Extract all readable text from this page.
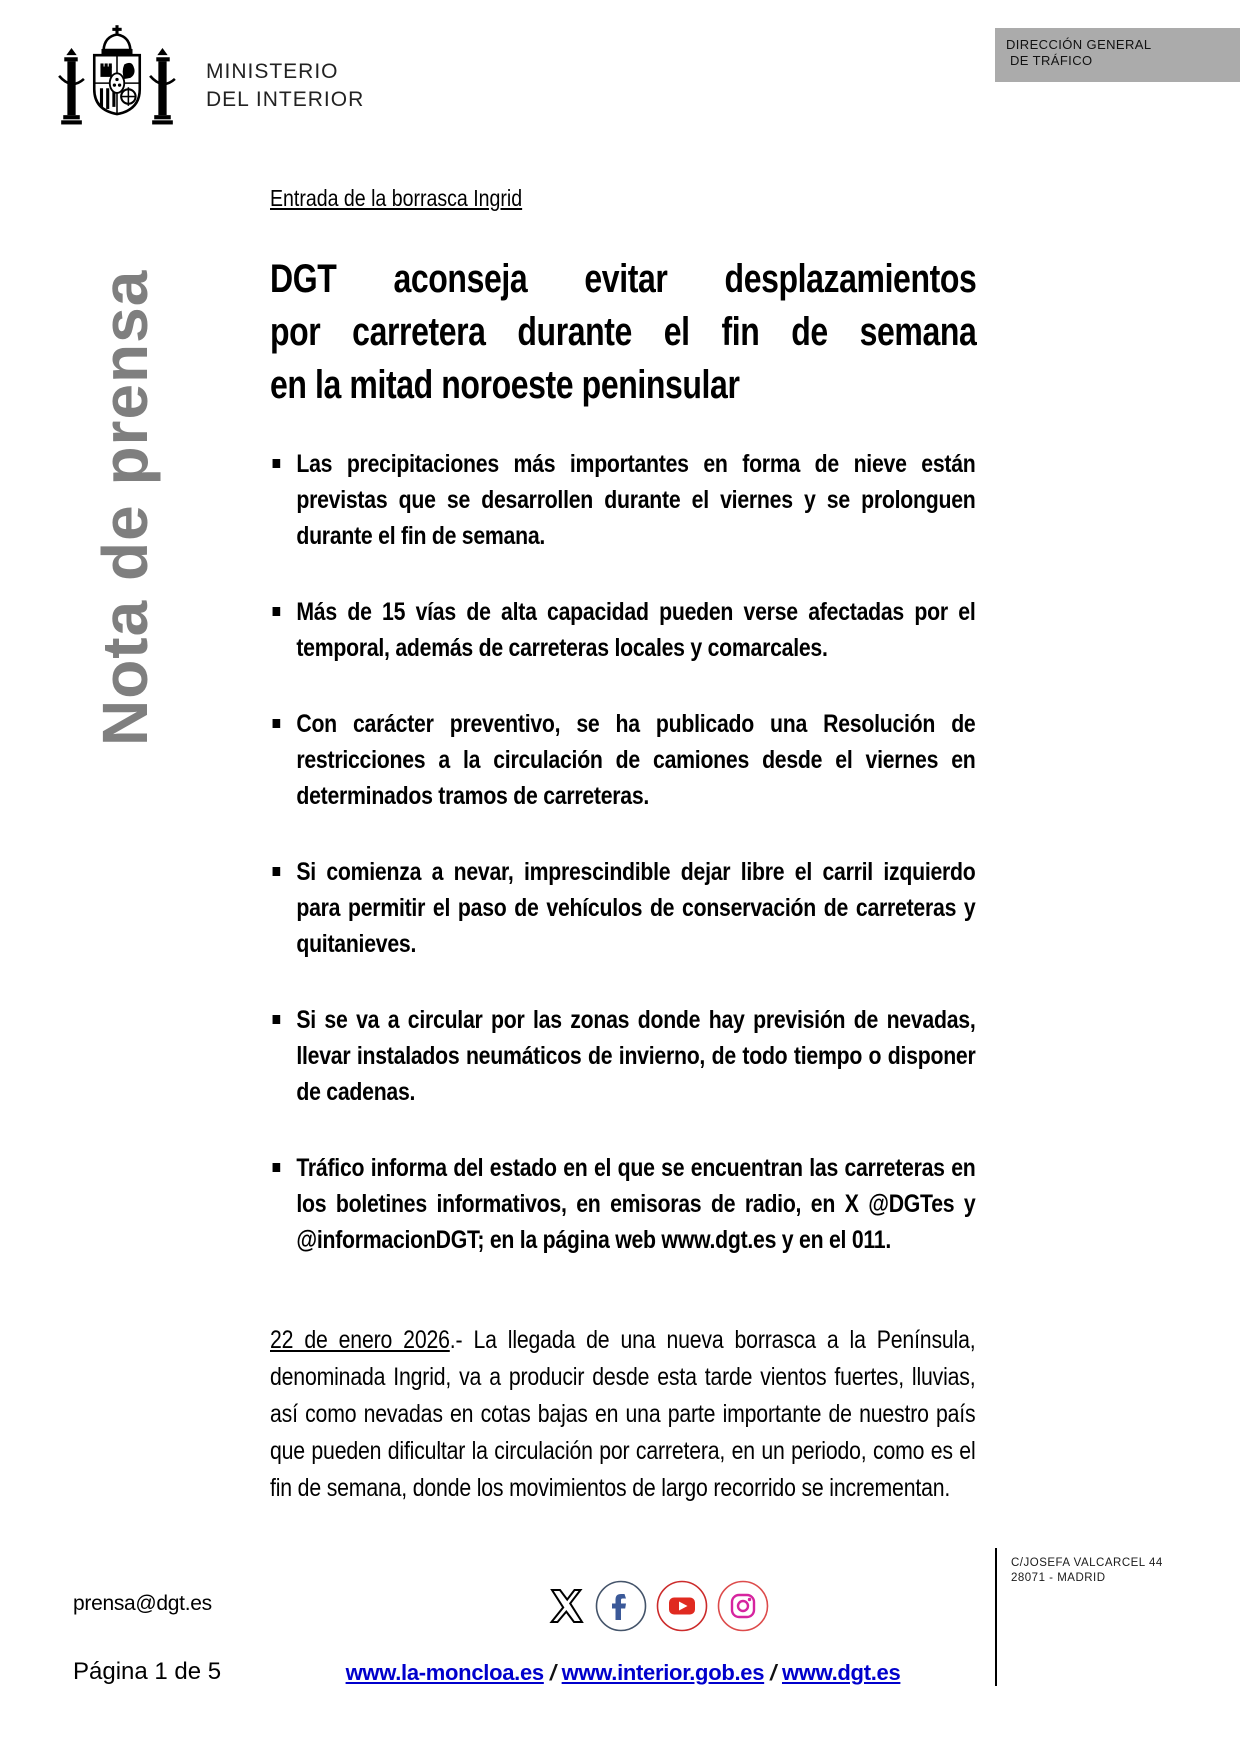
MINISTERIO
DEL INTERIOR
DIRECCIÓN GENERAL
DE TRÁFICO
Nota de prensa

Entrada de la borrasca Ingrid

DGT aconseja evitar desplazamientos
por carretera durante el fin de semana
en la mitad noroeste peninsular
Las precipitaciones más importantes en forma de nieve están previstas que se desarrollen durante el viernes y se prolonguen durante el fin de semana.
Más de 15 vías de alta capacidad pueden verse afectadas por el temporal, además de carreteras locales y comarcales.
Con carácter preventivo, se ha publicado una Resolución de restricciones a la circulación de camiones desde el viernes en determinados tramos de carreteras.
Si comienza a nevar, imprescindible dejar libre el carril izquierdo para permitir el paso de vehículos de conservación de carreteras y quitanieves.
Si se va a circular por las zonas donde hay previsión de nevadas, llevar instalados neumáticos de invierno, de todo tiempo o disponer de cadenas.
Tráfico informa del estado en el que se encuentran las carreteras en los boletines informativos, en emisoras de radio, en X @DGTes y @informacionDGT; en la página web www.dgt.es y en el 011.

22 de enero 2026.- La llegada de una nueva borrasca a la Península, denominada Ingrid, va a producir desde esta tarde vientos fuertes, lluvias, así como nevadas en cotas bajas en una parte importante de nuestro país que pueden dificultar la circulación por carretera, en un periodo, como es el fin de semana, donde los movimientos de largo recorrido se incrementan.

prensa@dgt.es
Página 1 de 5	www.la-moncloa.es / www.interior.gob.es / www.dgt.es
C/JOSEFA VALCARCEL 44
28071 - MADRID
